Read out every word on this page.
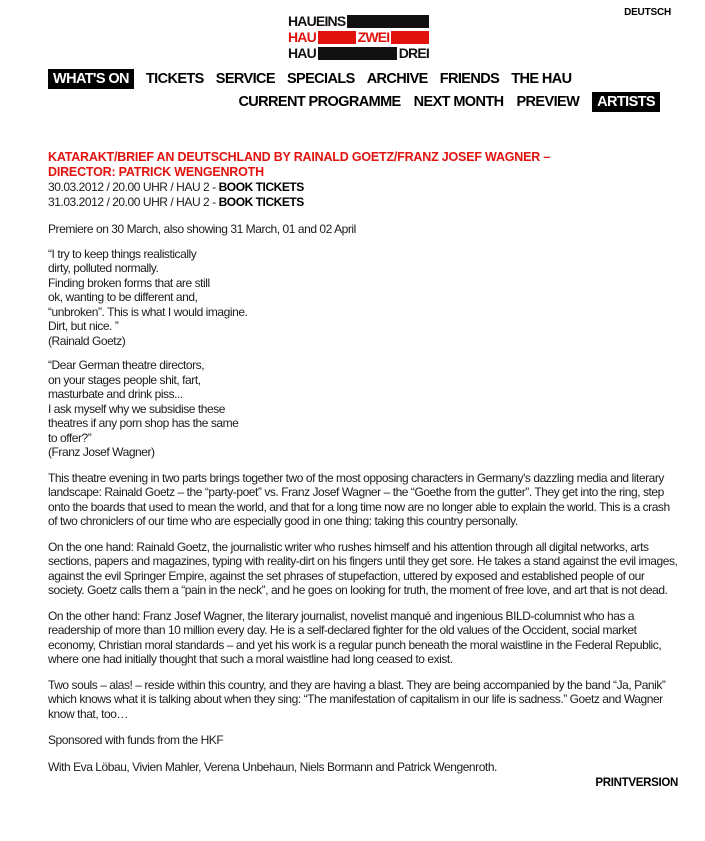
DEUTSCH
HAUEINS
HAU	ZWEI
HAU	DREI
WHAT'S ON	TICKETS SERVICE SPECIALS ARCHIVE FRIENDS THE HAU
CURRENT PROGRAMME NEXT MONTH PREVIEW	ARTISTS
KATARAKT/BRIEF AN DEUTSCHLAND BY RAINALD GOETZ/FRANZ JOSEF WAGNER –
DIRECTOR: PATRICK WENGENROTH
30.03.2012 / 20.00 UHR / HAU 2 - BOOK TICKETS
31.03.2012 / 20.00 UHR / HAU 2 - BOOK TICKETS

Premiere on 30 March, also showing 31 March, 01 and 02 April

“I try to keep things realistically
dirty, polluted normally.
Finding broken forms that are still
ok, wanting to be different and,
“unbroken”. This is what I would imagine.
Dirt, but nice. ”
(Rainald Goetz)
“Dear German theatre directors,
on your stages people shit, fart,
masturbate and drink piss...
I ask myself why we subsidise these
theatres if any porn shop has the same
to offer?”
(Franz Josef Wagner)

This theatre evening in two parts brings together two of the most opposing characters in Germany's dazzling media and literary landscape: Rainald Goetz – the “party-poet” vs. Franz Josef Wagner – the “Goethe from the gutter”. They get into the ring, step onto the boards that used to mean the world, and that for a long time now are no longer able to explain the world. This is a crash of two chroniclers of our time who are especially good in one thing: taking this country personally.

On the one hand: Rainald Goetz, the journalistic writer who rushes himself and his attention through all digital networks, arts sections, papers and magazines, typing with reality-dirt on his fingers until they get sore. He takes a stand against the evil images, against the evil Springer Empire, against the set phrases of stupefaction, uttered by exposed and established people of our society. Goetz calls them a “pain in the neck”, and he goes on looking for truth, the moment of free love, and art that is not dead.

On the other hand: Franz Josef Wagner, the literary journalist, novelist manqué and ingenious BILD-columnist who has a readership of more than 10 million every day. He is a self-declared fighter for the old values of the Occident, social market economy, Christian moral standards – and yet his work is a regular punch beneath the moral waistline in the Federal Republic, where one had initially thought that such a moral waistline had long ceased to exist.

Two souls – alas! – reside within this country, and they are having a blast. They are being accompanied by the band “Ja, Panik” which knows what it is talking about when they sing: “The manifestation of capitalism in our life is sadness.” Goetz and Wagner know that, too…

Sponsored with funds from the HKF

With Eva Löbau, Vivien Mahler, Verena Unbehaun, Niels Bormann and Patrick Wengenroth.

PRINTVERSION
